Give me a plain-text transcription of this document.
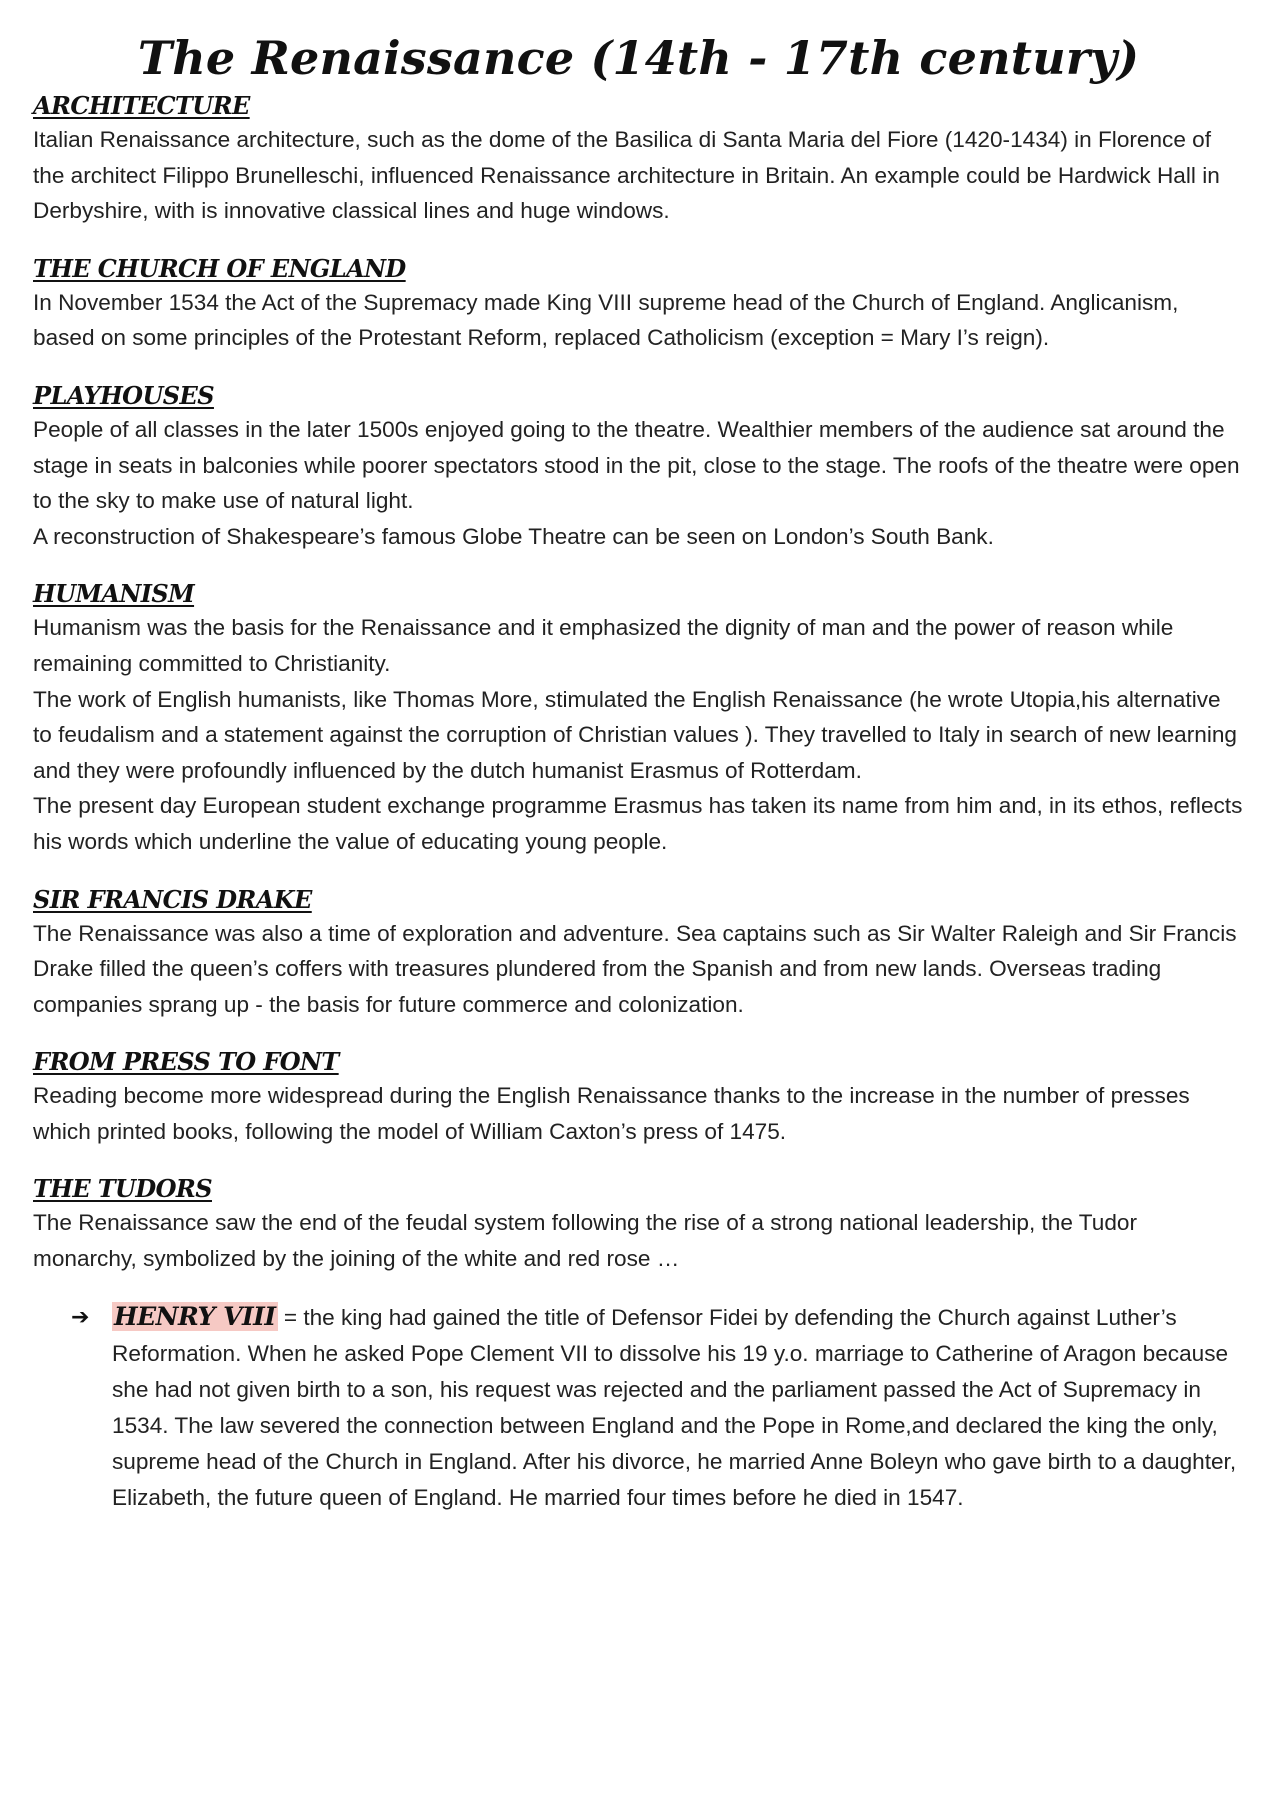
The Renaissance (14th - 17th century)
ARCHITECTURE

Italian Renaissance architecture, such as the dome of the Basilica di Santa Maria del Fiore (1420-1434) in Florence of the architect Filippo Brunelleschi, influenced Renaissance architecture in Britain. An example could be Hardwick Hall in Derbyshire, with is innovative classical lines and huge windows.

THE CHURCH OF ENGLAND

In November 1534 the Act of the Supremacy made King VIII supreme head of the Church of England. Anglicanism, based on some principles of the Protestant Reform, replaced Catholicism (exception = Mary I’s reign).

PLAYHOUSES

People of all classes in the later 1500s enjoyed going to the theatre. Wealthier members of the audience sat around the stage in seats in balconies while poorer spectators stood in the pit, close to the stage. The roofs of the theatre were open to the sky to make use of natural light.

A reconstruction of Shakespeare’s famous Globe Theatre can be seen on London’s South Bank.

HUMANISM

Humanism was the basis for the Renaissance and it emphasized the dignity of man and the power of reason while remaining committed to Christianity.

The work of English humanists, like Thomas More, stimulated the English Renaissance (he wrote Utopia,his alternative to feudalism and a statement against the corruption of Christian values ). They travelled to Italy in search of new learning and they were profoundly influenced by the dutch humanist Erasmus of Rotterdam.

The present day European student exchange programme Erasmus has taken its name from him and, in its ethos, reflects his words which underline the value of educating young people.

SIR FRANCIS DRAKE

The Renaissance was also a time of exploration and adventure. Sea captains such as Sir Walter Raleigh and Sir Francis Drake filled the queen’s coffers with treasures plundered from the Spanish and from new lands. Overseas trading companies sprang up - the basis for future commerce and colonization.

FROM PRESS TO FONT

Reading become more widespread during the English Renaissance thanks to the increase in the number of presses which printed books, following the model of William Caxton’s press of 1475.

THE TUDORS

The Renaissance saw the end of the feudal system following the rise of a strong national leadership, the Tudor monarchy, symbolized by the joining of the white and red rose …

➔ HENRY VIII = the king had gained the title of Defensor Fidei by defending the Church against Luther’s Reformation. When he asked Pope Clement VII to dissolve his 19 y.o. marriage to Catherine of Aragon because she had not given birth to a son, his request was rejected and the parliament passed the Act of Supremacy in 1534. The law severed the connection between England and the Pope in Rome,and declared the king the only, supreme head of the Church in England. After his divorce, he married Anne Boleyn who gave birth to a daughter, Elizabeth, the future queen of England. He married four times before he died in 1547.
